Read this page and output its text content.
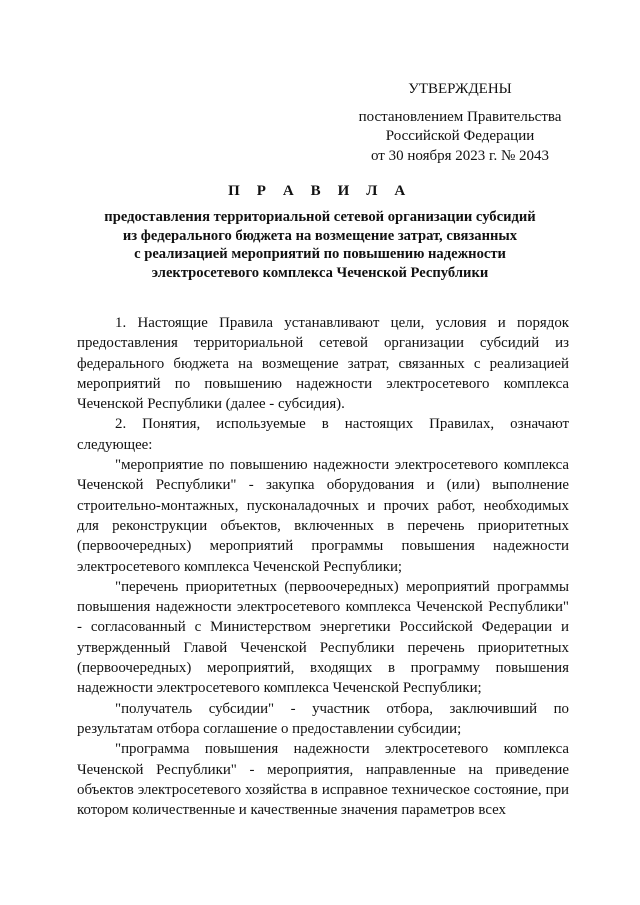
УТВЕРЖДЕНЫ
постановлением Правительства
Российской Федерации
от 30 ноября 2023 г. № 2043
П Р А В И Л А
предоставления территориальной сетевой организации субсидий
из федерального бюджета на возмещение затрат, связанных
с реализацией мероприятий по повышению надежности
электросетевого комплекса Чеченской Республики

1. Настоящие Правила устанавливают цели, условия и порядок предоставления территориальной сетевой организации субсидий из федерального бюджета на возмещение затрат, связанных с реализацией мероприятий по повышению надежности электросетевого комплекса Чеченской Республики (далее - субсидия).

2. Понятия, используемые в настоящих Правилах, означают следующее:

"мероприятие по повышению надежности электросетевого комплекса Чеченской Республики" - закупка оборудования и (или) выполнение строительно-монтажных, пусконаладочных и прочих работ, необходимых для реконструкции объектов, включенных в перечень приоритетных (первоочередных) мероприятий программы повышения надежности электросетевого комплекса Чеченской Республики;

"перечень приоритетных (первоочередных) мероприятий программы повышения надежности электросетевого комплекса Чеченской Республики" - согласованный с Министерством энергетики Российской Федерации и утвержденный Главой Чеченской Республики перечень приоритетных (первоочередных) мероприятий, входящих в программу повышения надежности электросетевого комплекса Чеченской Республики;

"получатель субсидии" - участник отбора, заключивший по результатам отбора соглашение о предоставлении субсидии;

"программа повышения надежности электросетевого комплекса Чеченской Республики" - мероприятия, направленные на приведение объектов электросетевого хозяйства в исправное техническое состояние, при котором количественные и качественные значения параметров всех
